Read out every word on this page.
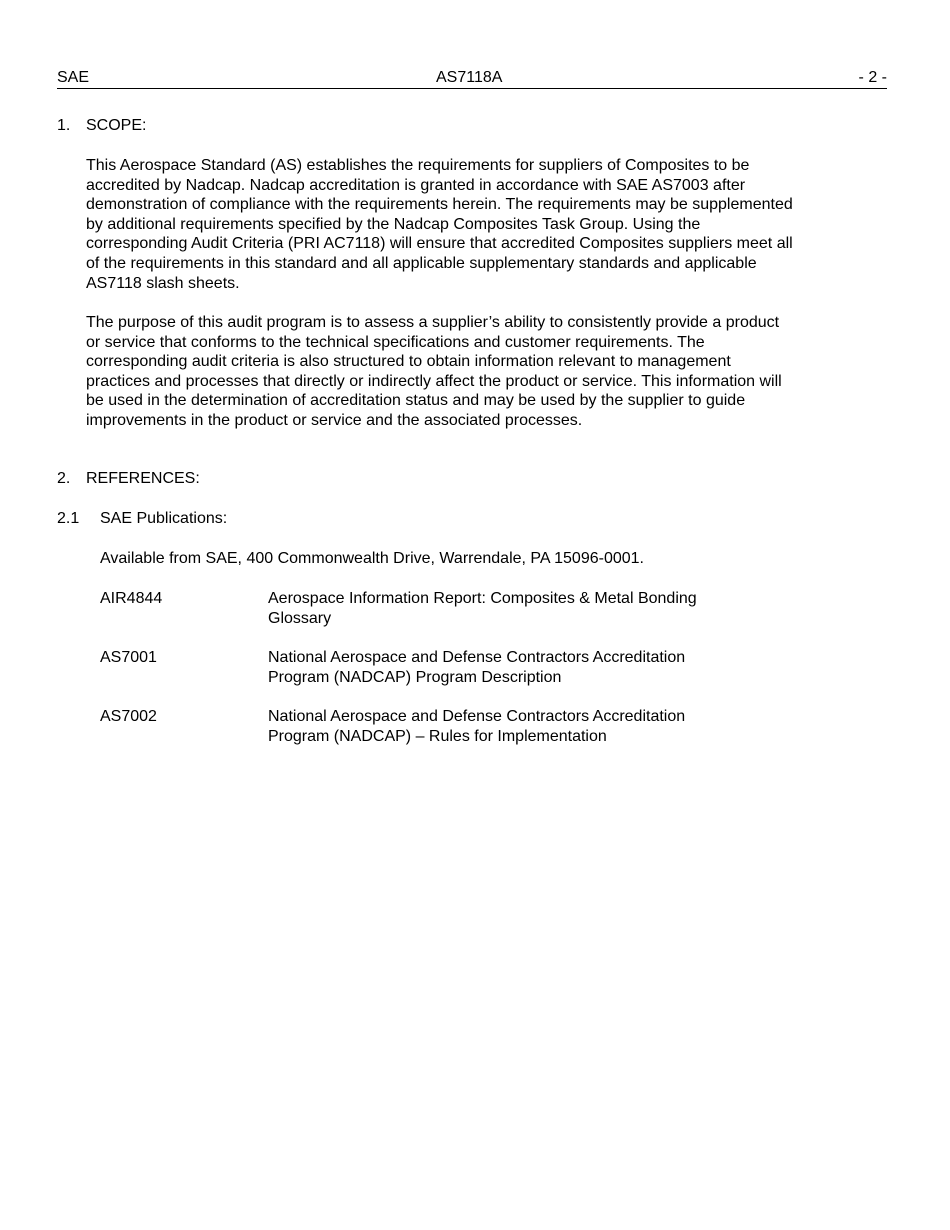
SAE	AS7118A	- 2 -
1. SCOPE:

This Aerospace Standard (AS) establishes the requirements for suppliers of Composites to be accredited by Nadcap. Nadcap accreditation is granted in accordance with SAE AS7003 after demonstration of compliance with the requirements herein. The requirements may be supplemented by additional requirements specified by the Nadcap Composites Task Group. Using the corresponding Audit Criteria (PRI AC7118) will ensure that accredited Composites suppliers meet all of the requirements in this standard and all applicable supplementary standards and applicable AS7118 slash sheets.

The purpose of this audit program is to assess a supplier’s ability to consistently provide a product or service that conforms to the technical specifications and customer requirements. The corresponding audit criteria is also structured to obtain information relevant to management practices and processes that directly or indirectly affect the product or service. This information will be used in the determination of accreditation status and may be used by the supplier to guide improvements in the product or service and the associated processes.

2. REFERENCES:
2.1 SAE Publications:
Available from SAE, 400 Commonwealth Drive, Warrendale, PA 15096-0001.
AIR4844	Aerospace Information Report: Composites & Metal Bonding Glossary
AS7001	National Aerospace and Defense Contractors Accreditation Program (NADCAP) Program Description
AS7002	National Aerospace and Defense Contractors Accreditation Program (NADCAP) – Rules for Implementation
